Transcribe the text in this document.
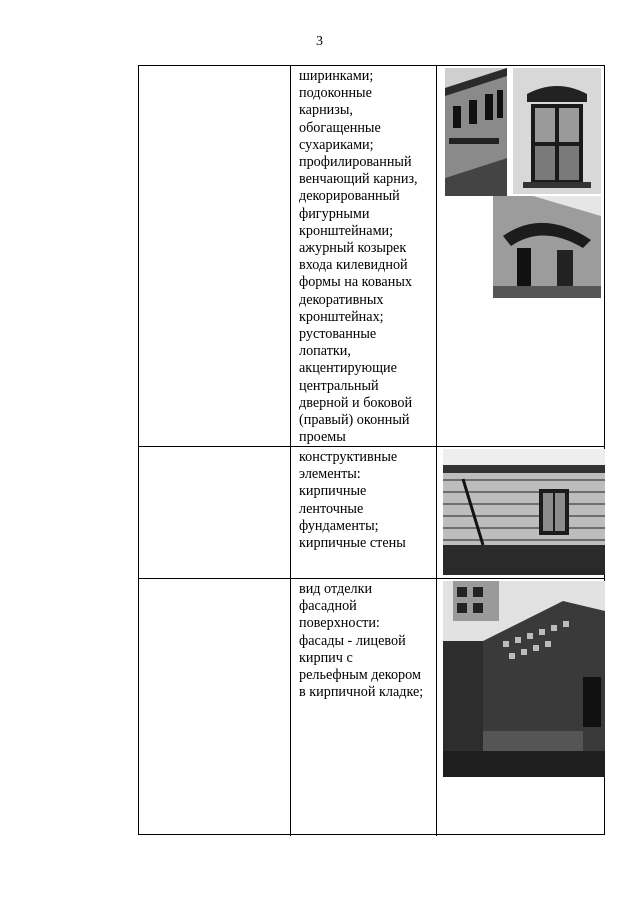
3

ширинками;

подоконные

карнизы,

обогащенные

сухариками;

профилированный

венчающий карниз,

декорированный

фигурными

кронштейнами;

ажурный козырек

входа килевидной

формы на кованых

декоративных

кронштейнах;

рустованные

лопатки,

акцентирующие

центральный

дверной и боковой

(правый) оконный

проемы

конструктивные

элементы:

кирпичные

ленточные

фундаменты;

кирпичные стены

вид отделки

фасадной

поверхности:

фасады - лицевой

кирпич с

рельефным декором

в кирпичной кладке;
